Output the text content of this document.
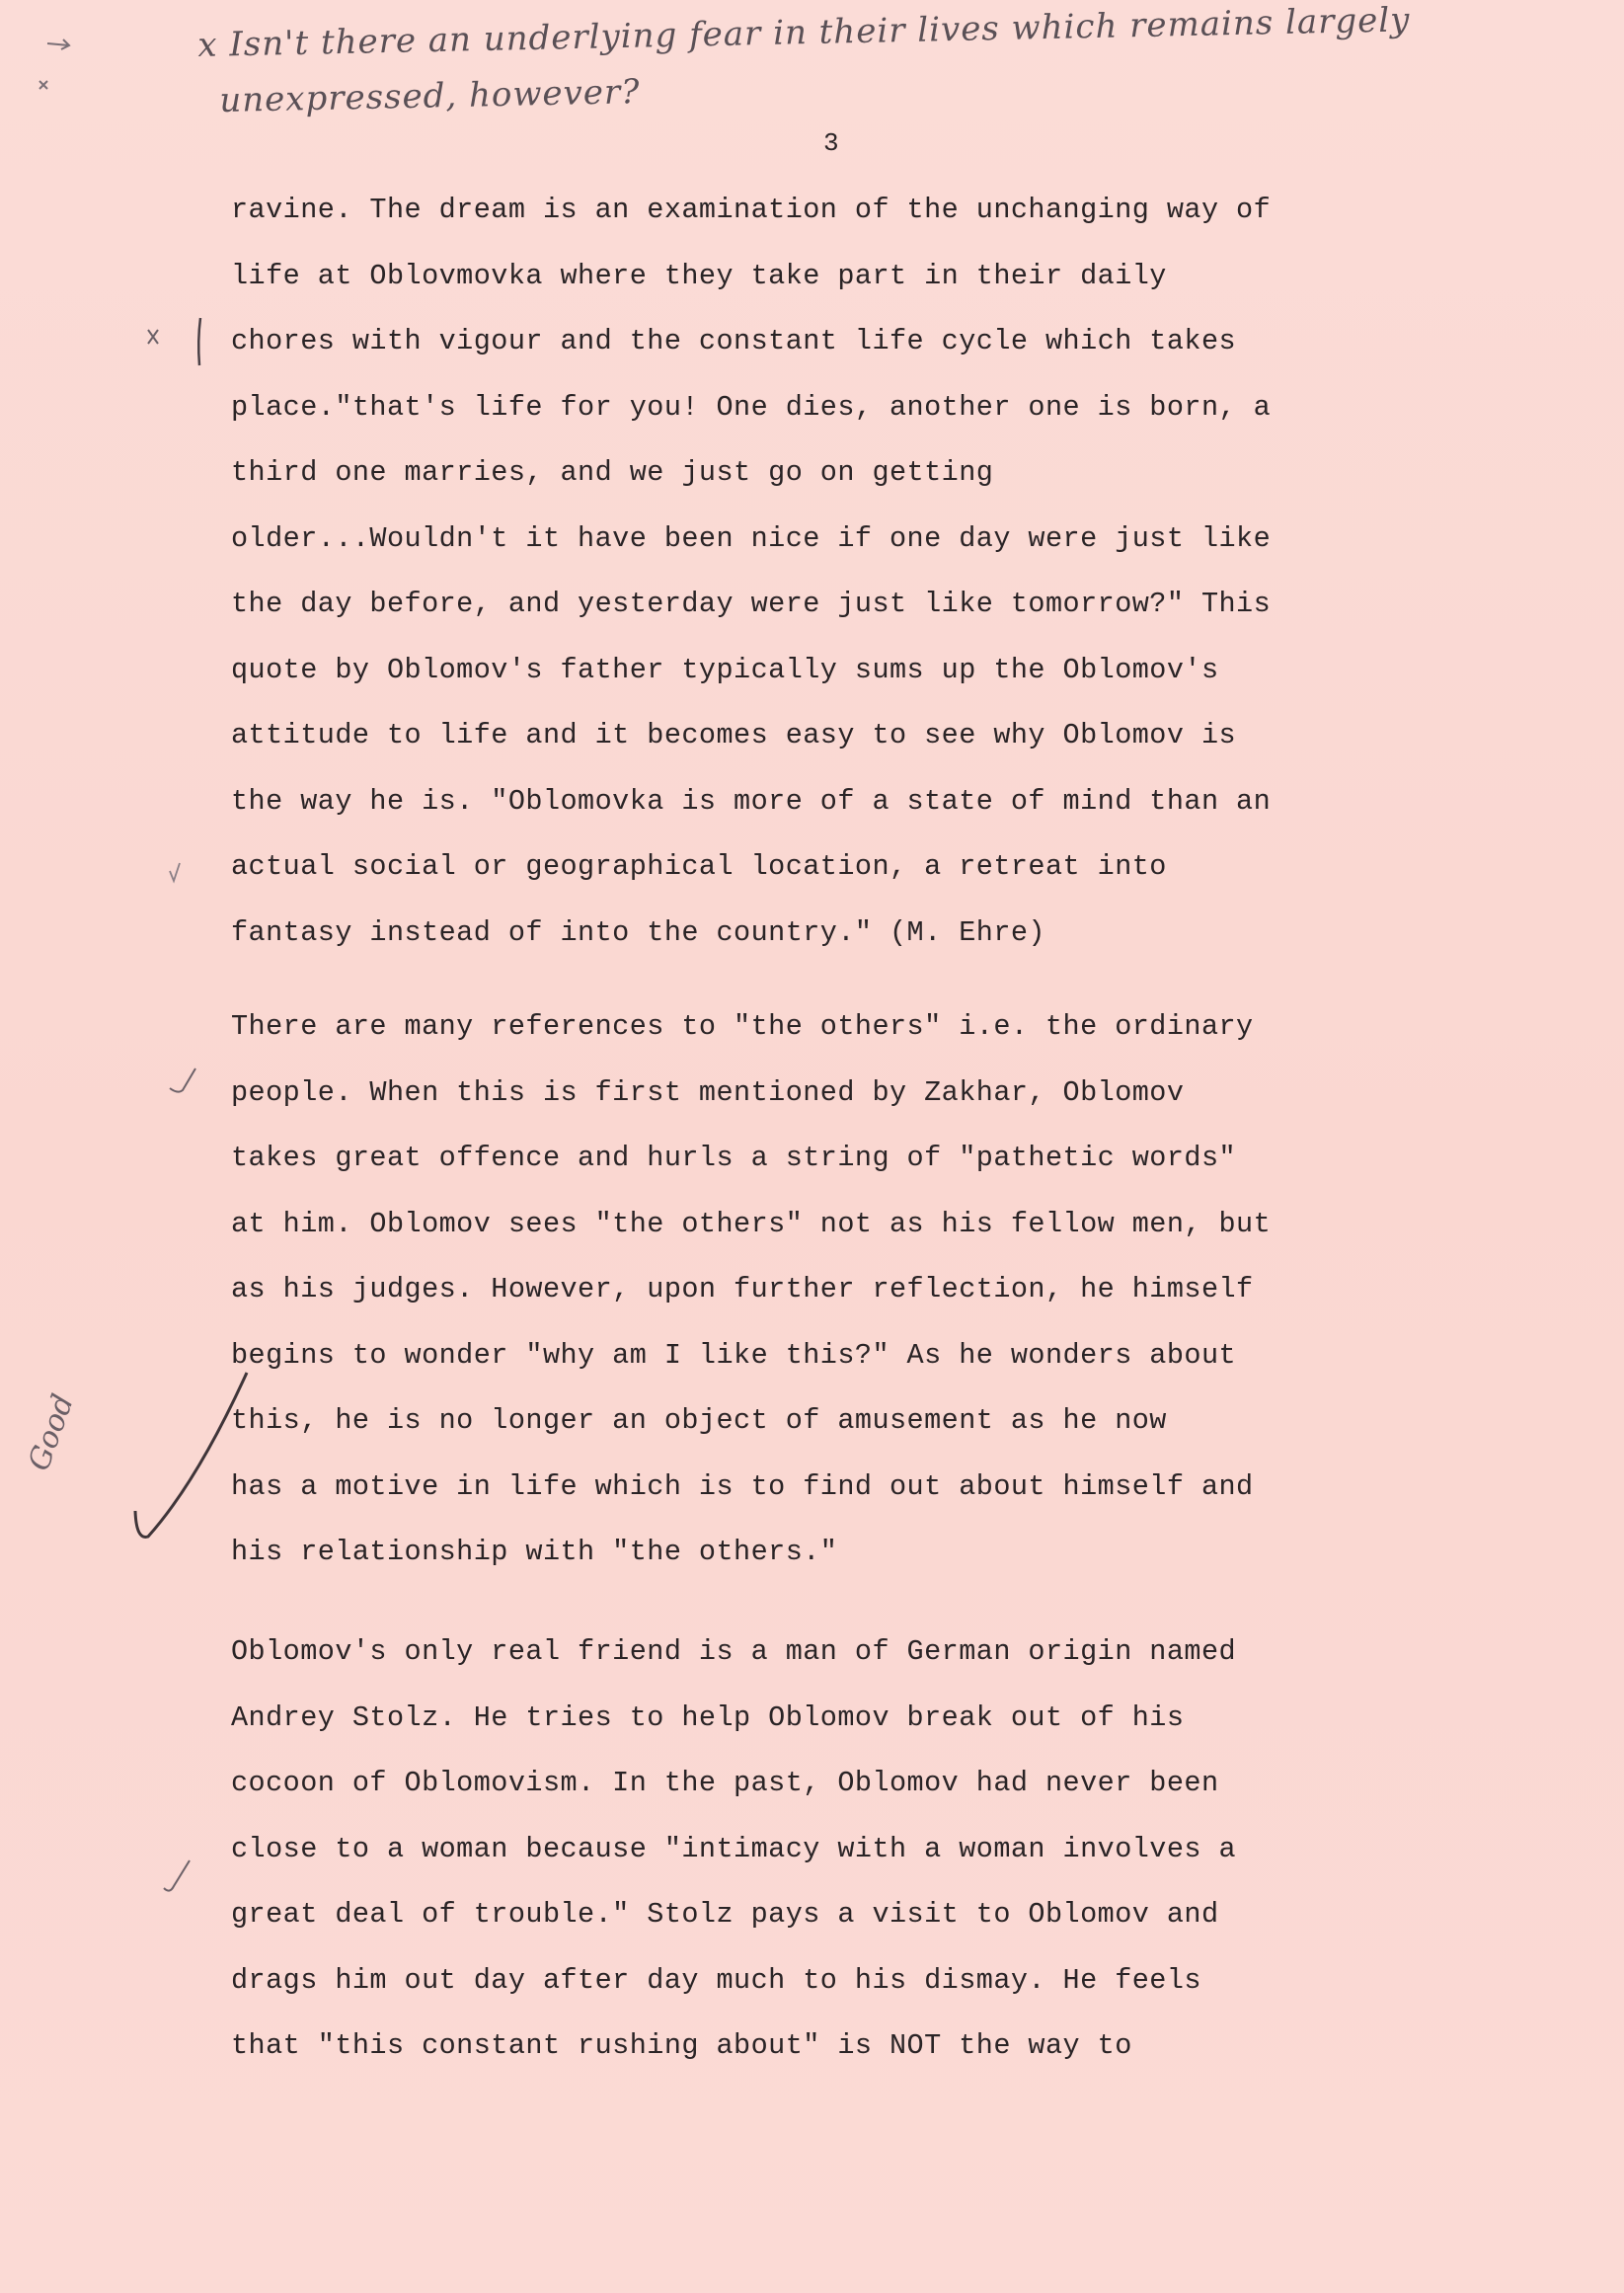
x Isn't there an underlying fear in their lives which remains largely
unexpressed, however?
3
ravine. The dream is an examination of the unchanging way of
life at Oblovmovka where they take part in their daily
chores with vigour and the constant life cycle which takes
place."that's life for you! One dies, another one is born, a
third one marries, and we just go on getting
older...Wouldn't it have been nice if one day were just like
the day before, and yesterday were just like tomorrow?" This
quote by Oblomov's father typically sums up the Oblomov's
attitude to life and it becomes easy to see why Oblomov is
the way he is. "Oblomovka is more of a state of mind than an
actual social or geographical location, a retreat into
fantasy instead of into the country." (M. Ehre)
There are many references to "the others" i.e. the ordinary
people. When this is first mentioned by Zakhar, Oblomov
takes great offence and hurls a string of "pathetic words"
at him. Oblomov sees "the others" not as his fellow men, but
as his judges. However, upon further reflection, he himself
begins to wonder "why am I like this?" As he wonders about
this, he is no longer an object of amusement as he now
has a motive in life which is to find out about himself and
his relationship with "the others."
Oblomov's only real friend is a man of German origin named
Andrey Stolz. He tries to help Oblomov break out of his
cocoon of Oblomovism. In the past, Oblomov had never been
close to a woman because "intimacy with a woman involves a
great deal of trouble." Stolz pays a visit to Oblomov and
drags him out day after day much to his dismay. He feels
that "this constant rushing about" is NOT the way to
Good
